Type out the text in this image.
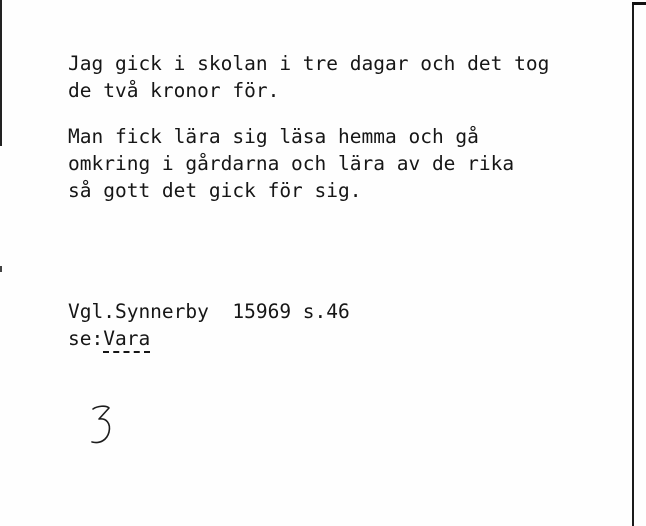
Jag gick i skolan i tre dagar och det tog
de två kronor för.

Man fick lära sig läsa hemma och gå
omkring i gårdarna och lära av de rika
så gott det gick för sig.

Vgl.Synnerby  15969 s.46

se:Vara
